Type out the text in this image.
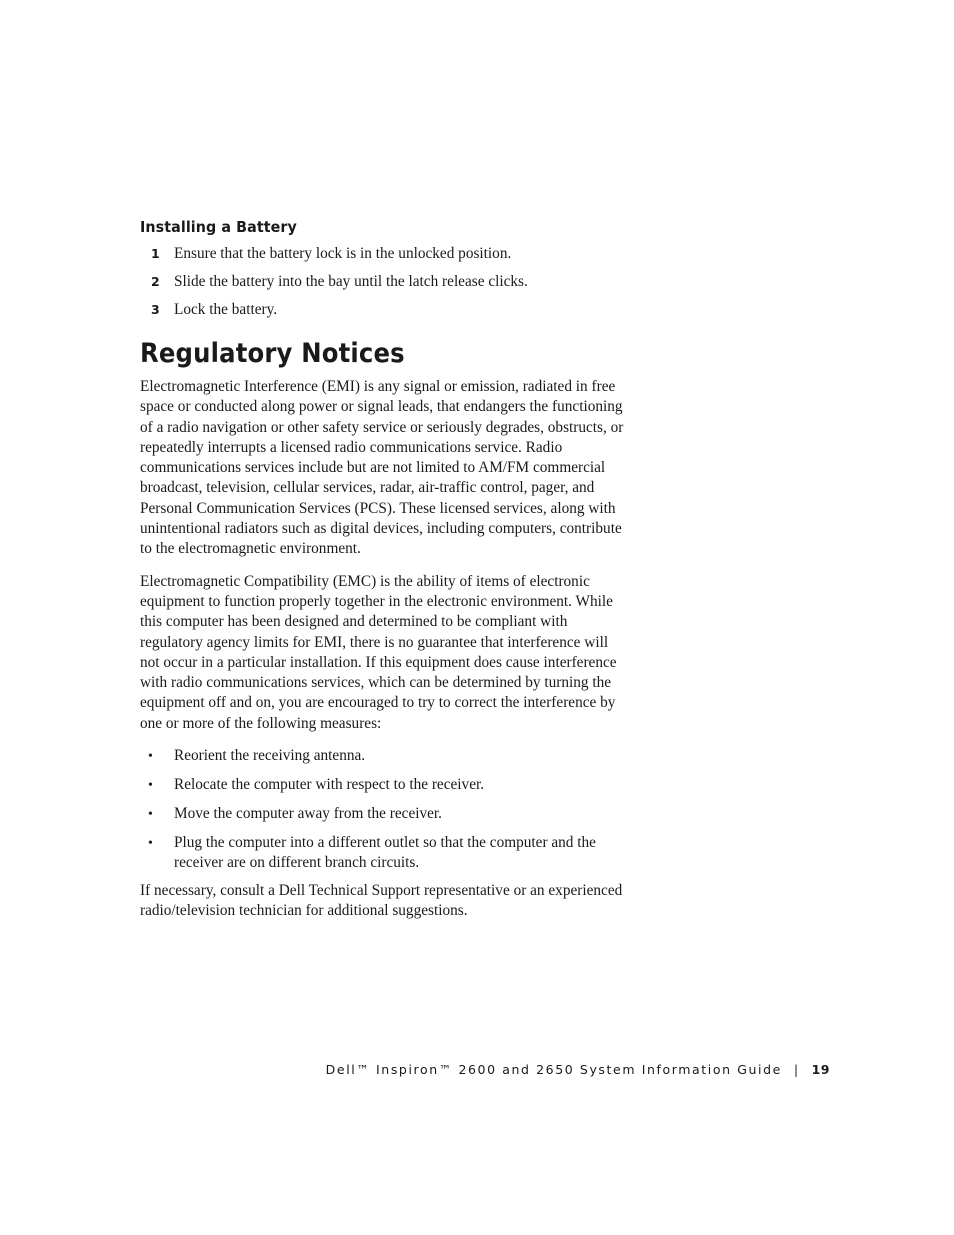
Installing a Battery
1 Ensure that the battery lock is in the unlocked position.
2 Slide the battery into the bay until the latch release clicks.
3 Lock the battery.
Regulatory Notices

Electromagnetic Interference (EMI) is any signal or emission, radiated in free space or conducted along power or signal leads, that endangers the functioning of a radio navigation or other safety service or seriously degrades, obstructs, or repeatedly interrupts a licensed radio communications service. Radio communications services include but are not limited to AM/FM commercial broadcast, television, cellular services, radar, air-traffic control, pager, and Personal Communication Services (PCS). These licensed services, along with unintentional radiators such as digital devices, including computers, contribute to the electromagnetic environment.

Electromagnetic Compatibility (EMC) is the ability of items of electronic equipment to function properly together in the electronic environment. While this computer has been designed and determined to be compliant with regulatory agency limits for EMI, there is no guarantee that interference will not occur in a particular installation. If this equipment does cause interference with radio communications services, which can be determined by turning the equipment off and on, you are encouraged to try to correct the interference by one or more of the following measures:

•	Reorient the receiving antenna.
•	Relocate the computer with respect to the receiver.
•	Move the computer away from the receiver.
•	Plug the computer into a different outlet so that the computer and the receiver are on different branch circuits.

If necessary, consult a Dell Technical Support representative or an experienced radio/television technician for additional suggestions.

Dell™ Inspiron™ 2600 and 2650 System Information Guide | 19
